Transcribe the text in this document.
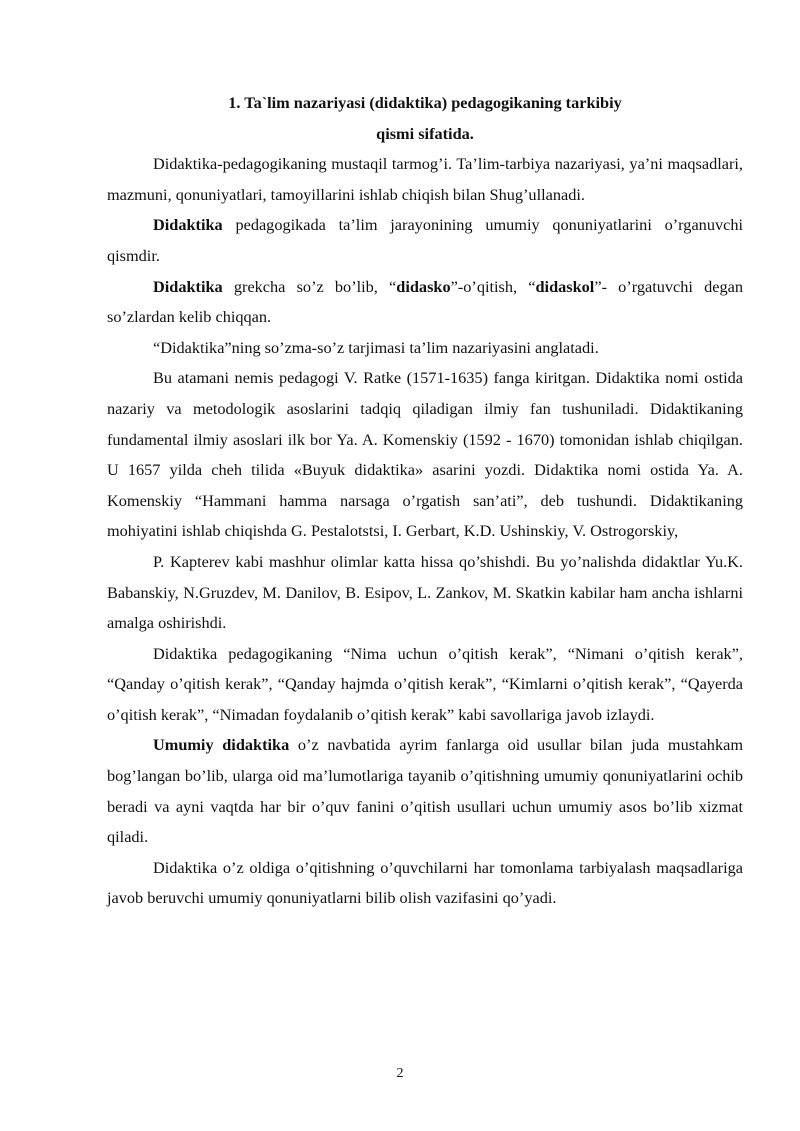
1. Ta`lim nazariyasi (didaktika) pedagogikaning tarkibiy
qismi sifatida.

Didaktika-pedagogikaning mustaqil tarmog’i. Ta’lim-tarbiya nazariyasi, ya’ni maqsadlari, mazmuni, qonuniyatlari, tamoyillarini ishlab chiqish bilan Shug’ullanadi.

Didaktika pedagogikada ta’lim jarayonining umumiy qonuniyatlarini o’rganuvchi qismdir.

Didaktika grekcha so’z bo’lib, “didasko”-o’qitish, “didaskol”- o’rgatuvchi degan so’zlardan kelib chiqqan.

“Didaktika”ning so’zma-so’z tarjimasi ta’lim nazariyasini anglatadi.

Bu atamani nemis pedagogi V. Ratke (1571-1635) fanga kiritgan. Didaktika nomi ostida nazariy va metodologik asoslarini tadqiq qiladigan ilmiy fan tushuniladi. Didaktikaning fundamental ilmiy asoslari ilk bor Ya. A. Komenskiy (1592 - 1670) tomonidan ishlab chiqilgan. U 1657 yilda cheh tilida «Buyuk didaktika» asarini yozdi. Didaktika nomi ostida Ya. A. Komenskiy “Hammani hamma narsaga o’rgatish san’ati”, deb tushundi. Didaktikaning mohiyatini ishlab chiqishda G. Pestalotstsi, I. Gerbart, K.D. Ushinskiy, V. Ostrogorskiy,

P. Kapterev kabi mashhur olimlar katta hissa qo’shishdi. Bu yo’nalishda didaktlar Yu.K. Babanskiy, N.Gruzdev, M. Danilov, B. Esipov, L. Zankov, M. Skatkin kabilar ham ancha ishlarni amalga oshirishdi.

Didaktika pedagogikaning “Nima uchun o’qitish kerak”, “Nimani o’qitish kerak”, “Qanday o’qitish kerak”, “Qanday hajmda o’qitish kerak”, “Kimlarni o’qitish kerak”, “Qayerda o’qitish kerak”, “Nimadan foydalanib o’qitish kerak” kabi savollariga javob izlaydi.

Umumiy didaktika o’z navbatida ayrim fanlarga oid usullar bilan juda mustahkam bog’langan bo’lib, ularga oid ma’lumotlariga tayanib o’qitishning umumiy qonuniyatlarini ochib beradi va ayni vaqtda har bir o’quv fanini o’qitish usullari uchun umumiy asos bo’lib xizmat qiladi.

Didaktika o’z oldiga o’qitishning o’quvchilarni har tomonlama tarbiyalash maqsadlariga javob beruvchi umumiy qonuniyatlarni bilib olish vazifasini qo’yadi.

2
